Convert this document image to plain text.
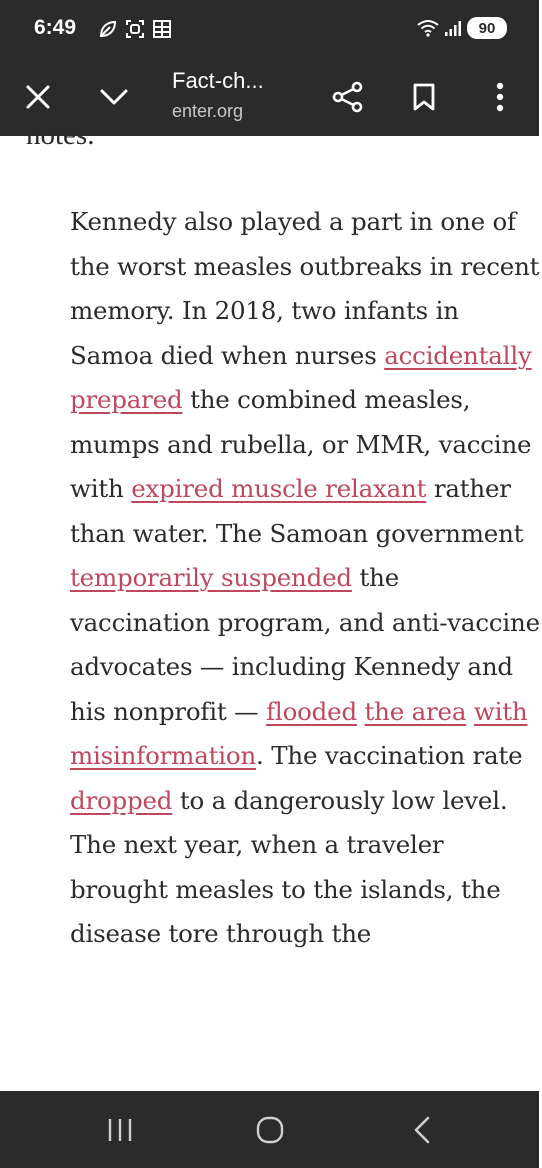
6:49	90
Fact-ch...
enter.org
notes.

Kennedy also played a part in one of the worst measles outbreaks in recent memory. In 2018, two infants in Samoa died when nurses accidentally prepared the combined measles, mumps and rubella, or MMR, vaccine with expired muscle relaxant rather than water. The Samoan government temporarily suspended the vaccination program, and anti-vaccine advocates — including Kennedy and his nonprofit — flooded the area with misinformation. The vaccination rate dropped to a dangerously low level. The next year, when a traveler brought measles to the islands, the disease tore through the
